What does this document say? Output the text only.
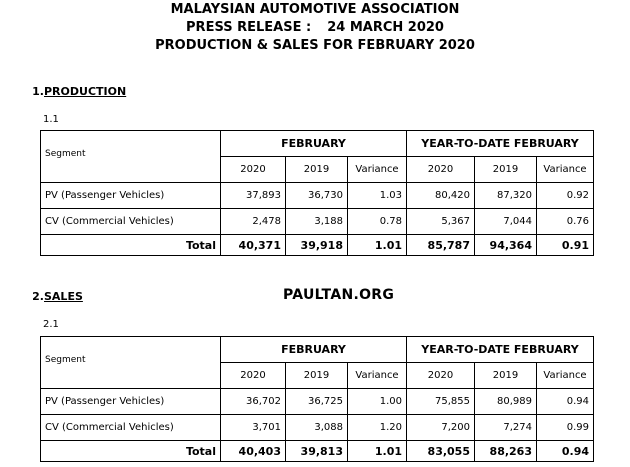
MALAYSIAN AUTOMOTIVE ASSOCIATION
PRESS RELEASE : 24 MARCH 2020
PRODUCTION & SALES FOR FEBRUARY 2020
1.PRODUCTION
1.1
	FEBRUARY			YEAR-TO-DATE FEBRUARY		
Segment	2020	2019	Variance	2020	2019	Variance
PV (Passenger Vehicles)	37,893	36,730	1.03	80,420	87,320	0.92
CV (Commercial Vehicles)	2,478	3,188	0.78	5,367	7,044	0.76
Total	40,371	39,918	1.01	85,787	94,364	0.91
2.SALES	PAULTAN.ORG
2.1
	FEBRUARY			YEAR-TO-DATE FEBRUARY		
Segment	2020	2019	Variance	2020	2019	Variance
PV (Passenger Vehicles)	36,702	36,725	1.00	75,855	80,989	0.94
CV (Commercial Vehicles)	3,701	3,088	1.20	7,200	7,274	0.99
Total	40,403	39,813	1.01	83,055	88,263	0.94
